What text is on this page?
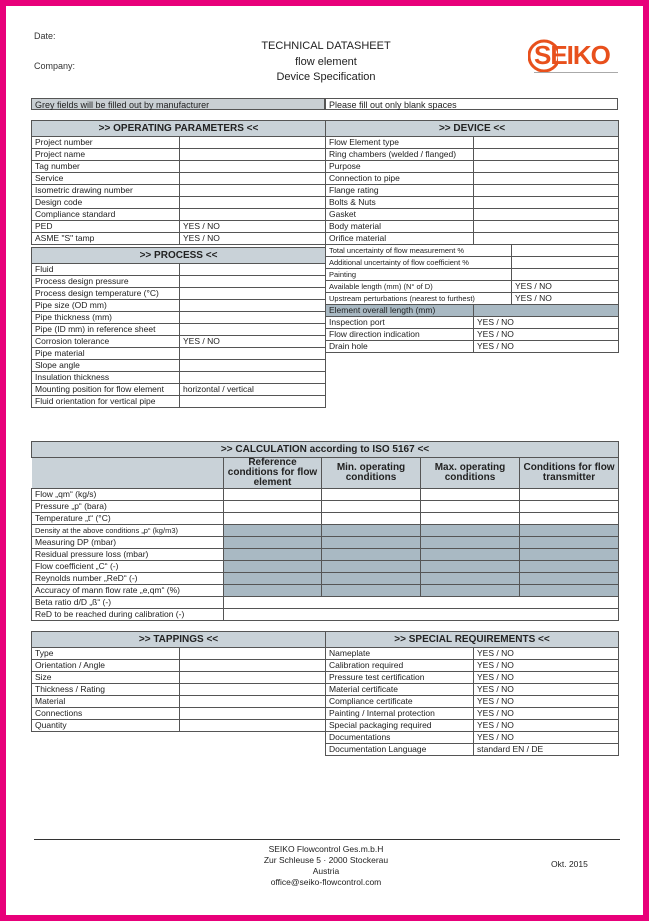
Date:
Company:
TECHNICAL DATASHEET
flow element
Device Specification
SEIKO
Grey fields will be filled out by manufacturer	Please fill out only blank spaces
>> OPERATING PARAMETERS <<	
Project number	
Project name	
Tag number	
Service	
Isometric drawing number	
Design code	
Compliance standard	
PED	YES / NO
ASME "S" tamp	YES / NO
>> PROCESS <<	
Fluid	
Process design pressure	
Process design temperature (°C)	
Pipe size (OD mm)	
Pipe thickness (mm)	
Pipe (ID mm) in reference sheet	
Corrosion tolerance	YES / NO
Pipe material	
Slope angle	
Insulation thickness	
Mounting position for flow element	horizontal / vertical
Fluid orientation for vertical pipe	
>> DEVICE <<		
Flow Element type		
Ring chambers (welded / flanged)		
Purpose		
Connection to pipe		
Flange rating		
Bolts & Nuts		
Gasket		
Body material		
Orifice material		
Total uncertainty of flow measurement %		
Additional uncertainty of flow coefficient %		
Painting		
Available length (mm) (N° of D)		YES / NO
Upstream perturbations (nearest to furthest)		YES / NO
Element overall length (mm)		
Inspection port	YES / NO	
Flow direction indication	YES / NO	
Drain hole	YES / NO	
>> CALCULATION according to ISO 5167 <<				
	Reference conditions for flow element	Min. operating conditions	Max. operating conditions	Conditions for flow transmitter
Flow „qm“ (kg/s)				
Pressure „p“ (bara)				
Temperature „t“ (°C)				
Density at the above conditions „p“ (kg/m3)				
Measuring DP (mbar)				
Residual pressure loss (mbar)				
Flow coefficient „C“ (-)				
Reynolds number „ReD“ (-)				
Accuracy of mann flow rate „e,qm“ (%)				
Beta ratio d/D „ß“ (-)				
ReD to be reached during calibration (-)				
>> TAPPINGS <<	
Type	
Orientation / Angle	
Size	
Thickness / Rating	
Material	
Connections	
Quantity	
>> SPECIAL REQUIREMENTS <<	
Nameplate	YES / NO
Calibration required	YES / NO
Pressure test certification	YES / NO
Material certificate	YES / NO
Compliance certificate	YES / NO
Painting / Internal protection	YES / NO
Special packaging required	YES / NO
Documentations	YES / NO
Documentation Language	standard EN / DE
SEIKO Flowcontrol Ges.m.b.H
Zur Schleuse 5 · 2000 Stockerau
Austria
office@seiko-flowcontrol.com
Okt. 2015
